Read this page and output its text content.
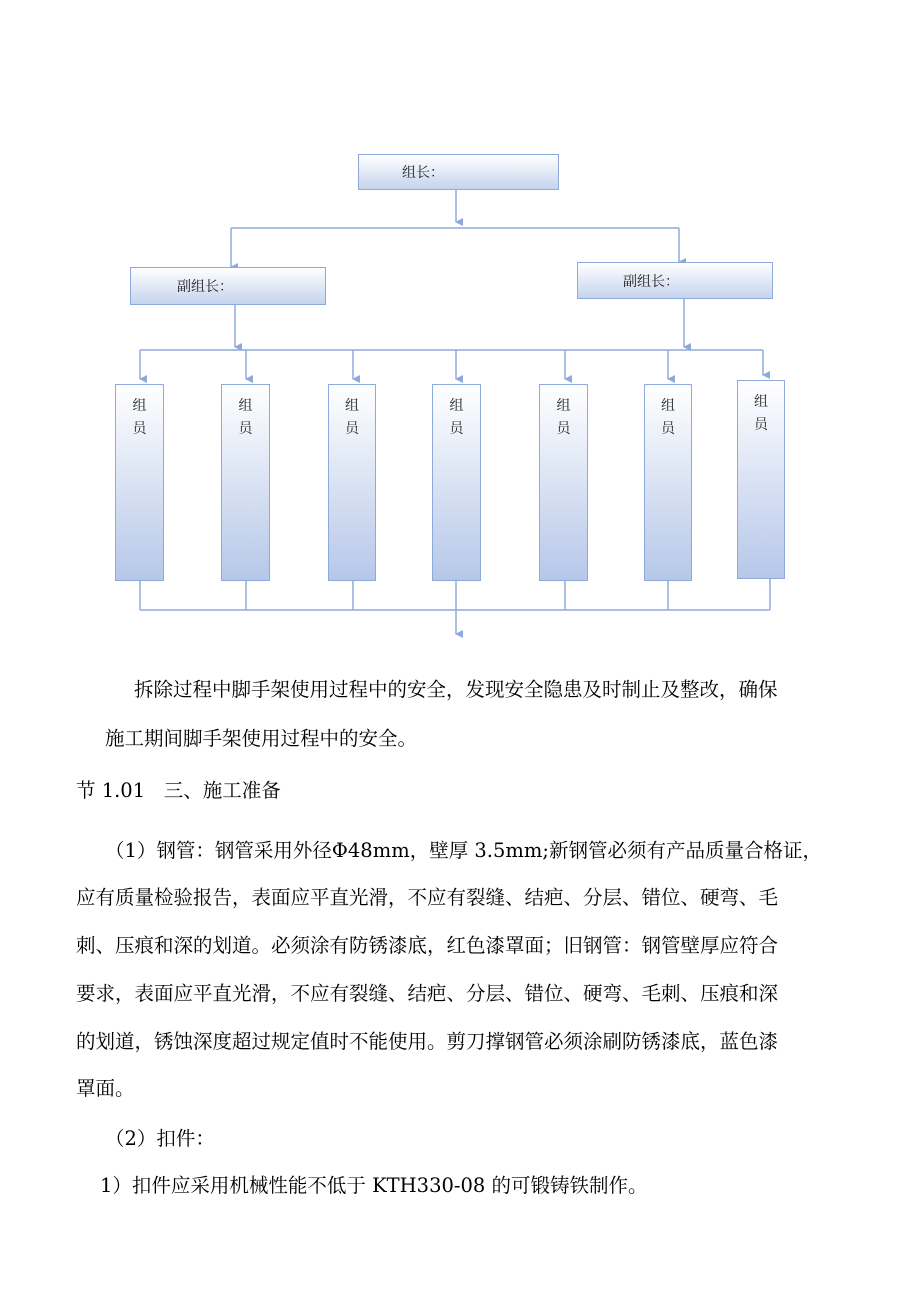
组长：
副组长：	副组长：
组
员
组
员
组
员
组
员
组
员
组
员
组
员

拆除过程中脚手架使用过程中的安全，发现安全隐患及时制止及整改，确保

施工期间脚手架使用过程中的安全。

节 1.01   三、施工准备

（1）钢管：钢管采用外径Φ48mm，壁厚 3.5mm;新钢管必须有产品质量合格证，

应有质量检验报告，表面应平直光滑，不应有裂缝、结疤、分层、错位、硬弯、毛

刺、压痕和深的划道。必须涂有防锈漆底，红色漆罩面；旧钢管：钢管壁厚应符合

要求，表面应平直光滑，不应有裂缝、结疤、分层、错位、硬弯、毛刺、压痕和深

的划道，锈蚀深度超过规定值时不能使用。剪刀撑钢管必须涂刷防锈漆底，蓝色漆

罩面。

（2）扣件：

1）扣件应采用机械性能不低于 KTH330-08 的可锻铸铁制作。
